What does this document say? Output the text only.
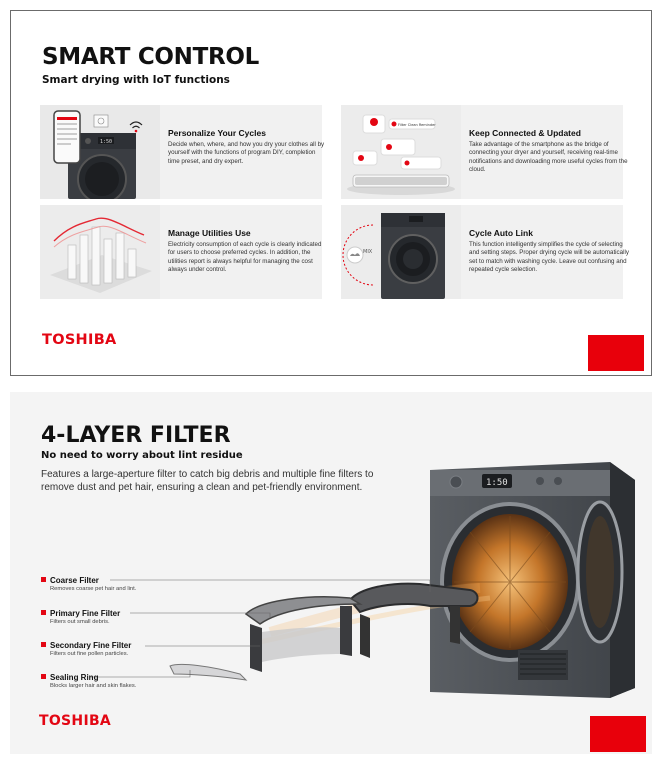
SMART CONTROL
Smart drying with IoT functions
1:50
Personalize Your Cycles
Decide when, where, and how you dry your clothes all by yourself with the functions of program DIY, completion time preset, and dry expert.
Filter Clean Reminder
Keep Connected & Updated
Take advantage of the smartphone as the bridge of connecting your dryer and yourself, receiving real-time notifications and downloading more useful cycles from the cloud.
Manage Utilities Use
Electricity consumption of each cycle is clearly indicated for users to choose preferred cycles. In addition, the utilities report is always helpful for managing the cost always under control.
MIX
Cycle Auto Link
This function intelligently simplifies the cycle of selecting and setting steps. Proper drying cycle will be automatically set to match with washing cycle. Leave out confusing and repeated cycle selection.
TOSHIBA
1:50
4-LAYER FILTER
No need to worry about lint residue
Features a large-aperture filter to catch big debris and multiple fine filters to remove dust and pet hair, ensuring a clean and pet-friendly environment.
Coarse Filter
Removes coarse pet hair and lint.
Primary Fine Filter
Filters out small debris.
Secondary Fine Filter
Filters out fine pollen particles.
Sealing Ring
Blocks larger hair and skin flakes.
TOSHIBA
